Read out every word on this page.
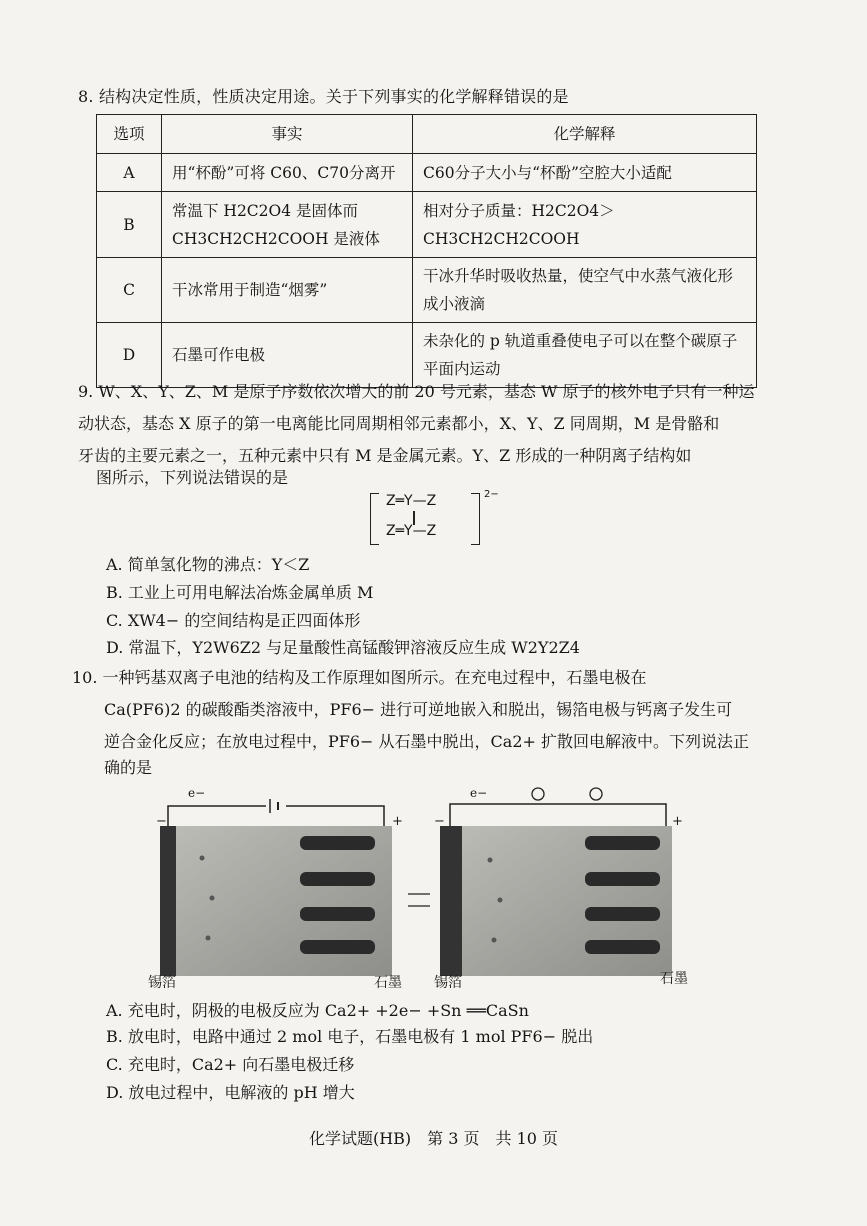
8. 结构决定性质，性质决定用途。关于下列事实的化学解释错误的是
选项	事实	化学解释
A	用“杯酚”可将 C60、C70分离开	C60分子大小与“杯酚”空腔大小适配
B	常温下 H2C2O4 是固体而 CH3CH2CH2COOH 是液体	相对分子质量：H2C2O4＞CH3CH2CH2COOH
C	干冰常用于制造“烟雾”	干冰升华时吸收热量，使空气中水蒸气液化形成小液滴
D	石墨可作电极	未杂化的 p 轨道重叠使电子可以在整个碳原子平面内运动
9. W、X、Y、Z、M 是原子序数依次增大的前 20 号元素，基态 W 原子的核外电子只有一种运
动状态，基态 X 原子的第一电离能比同周期相邻元素都小，X、Y、Z 同周期，M 是骨骼和
牙齿的主要元素之一，五种元素中只有 M 是金属元素。Y、Z 形成的一种阴离子结构如
图所示，下列说法错误的是
Z═Y—Z
Z═Y—Z
2−
A. 简单氢化物的沸点：Y＜Z
B. 工业上可用电解法冶炼金属单质 M
C. XW4− 的空间结构是正四面体形
D. 常温下，Y2W6Z2 与足量酸性高锰酸钾溶液反应生成 W2Y2Z4
10. 一种钙基双离子电池的结构及工作原理如图所示。在充电过程中，石墨电极在
Ca(PF6)2 的碳酸酯类溶液中，PF6− 进行可逆地嵌入和脱出，锡箔电极与钙离子发生可
逆合金化反应；在放电过程中，PF6− 从石墨中脱出，Ca2+ 扩散回电解液中。下列说法正
确的是
e−	e−
−	+ −	+
锡箔	石墨 锡箔	石墨
A. 充电时，阴极的电极反应为 Ca2+ +2e− +Sn ══CaSn
B. 放电时，电路中通过 2 mol 电子，石墨电极有 1 mol PF6− 脱出
C. 充电时，Ca2+ 向石墨电极迁移
D. 放电过程中，电解液的 pH 增大
化学试题(HB)　第 3 页　共 10 页
